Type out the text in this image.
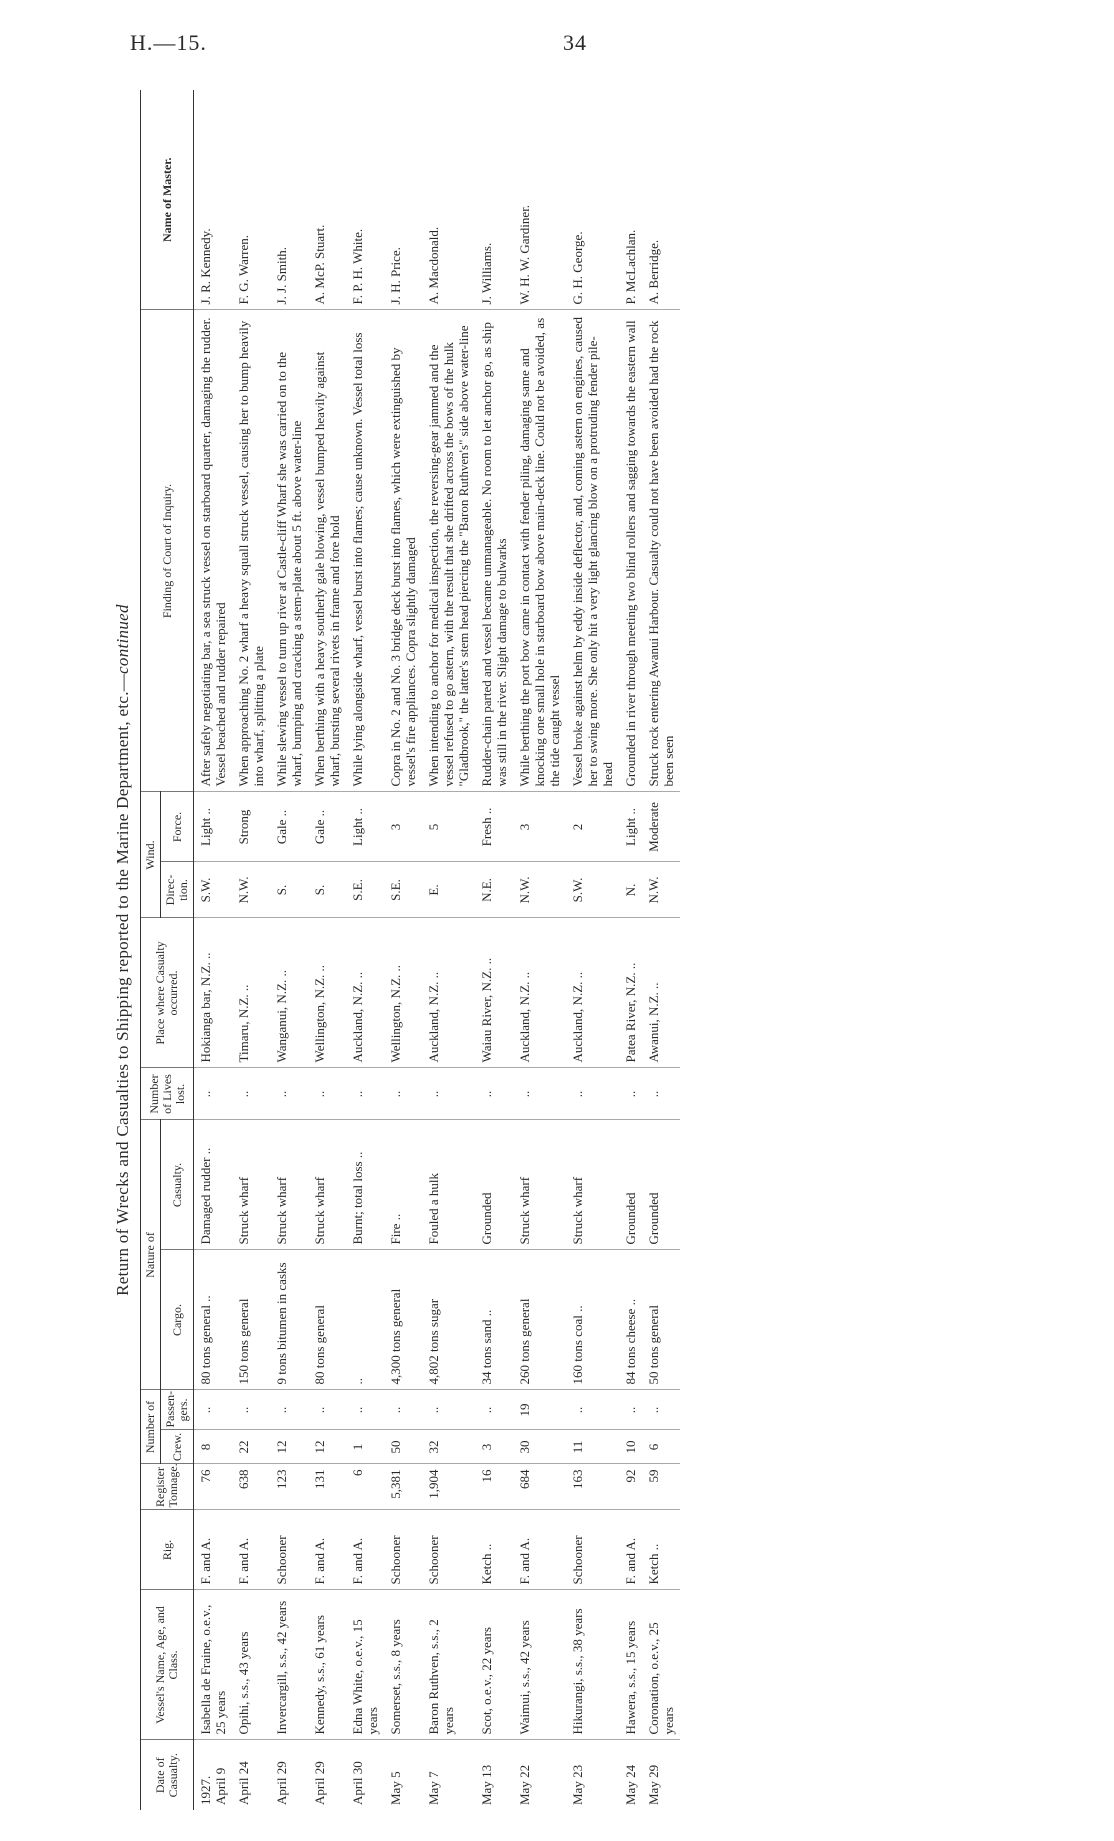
H.—15.	34
Return of Wrecks and Casualties to Shipping reported to the Marine Department, etc.—continued
Date of Casualty.	Vessel's Name, Age, and Class.	Rig.	Register Tonnage.	Number of		Nature of		Number of Lives lost.	Place where Casualty occurred.	Wind.		Finding of Court of Inquiry.	Name of Master.
				Crew.	Passen-gers.	Cargo.	Casualty.			Direc-tion.	Force.		

1927. April 9	Isabella de Fraine, o.e.v., 25 years	F. and A.	76	8	..	80 tons general ..	Damaged rudder ..	..	Hokianga bar, N.Z. ..	S.W.	Light ..	After safely negotiating bar, a sea struck vessel on starboard quarter, damaging the rudder. Vessel beached and rudder repaired	J. R. Kennedy.
April 24	Opihi, s.s., 43 years	F. and A.	638	22	..	150 tons general	Struck wharf	..	Timaru, N.Z. ..	N.W.	Strong	When approaching No. 2 wharf a heavy squall struck vessel, causing her to bump heavily into wharf, splitting a plate	F. G. Warren.
April 29	Invercargill, s.s., 42 years	Schooner	123	12	..	9 tons bitumen in casks	Struck wharf	..	Wanganui, N.Z. ..	S.	Gale ..	While slewing vessel to turn up river at Castle-cliff Wharf she was carried on to the wharf, bumping and cracking a stem-plate about 5 ft. above water-line	J. J. Smith.
April 29	Kennedy, s.s., 61 years	F. and A.	131	12	..	80 tons general	Struck wharf	..	Wellington, N.Z. ..	S.	Gale ..	When berthing with a heavy southerly gale blowing, vessel bumped heavily against wharf, bursting several rivets in frame and fore hold	A. McP. Stuart.
April 30	Edna White, o.e.v., 15 years	F. and A.	6	1	..	..	Burnt; total loss ..	..	Auckland, N.Z. ..	S.E.	Light ..	While lying alongside wharf, vessel burst into flames; cause unknown. Vessel total loss	F. P. H. White.
May 5	Somerset, s.s., 8 years	Schooner	5,381	50	..	4,300 tons general	Fire ..	..	Wellington, N.Z. ..	S.E.	3	Copra in No. 2 and No. 3 bridge deck burst into flames, which were extinguished by vessel's fire appliances. Copra slightly damaged	J. H. Price.
May 7	Baron Ruthven, s.s., 2 years	Schooner	1,904	32	..	4,802 tons sugar	Fouled a hulk	..	Auckland, N.Z. ..	E.	5	When intending to anchor for medical inspection, the reversing-gear jammed and the vessel refused to go astern, with the result that she drifted across the bows of the hulk "Gladbrook," the latter's stem head piercing the "Baron Ruthven's" side above water-line	A. Macdonald.
May 13	Scot, o.e.v., 22 years	Ketch ..	16	3	..	34 tons sand ..	Grounded	..	Waiau River, N.Z. ..	N.E.	Fresh ..	Rudder-chain parted and vessel became unmanageable. No room to let anchor go, as ship was still in the river. Slight damage to bulwarks	J. Williams.
May 22	Waimui, s.s., 42 years	F. and A.	684	30	19	260 tons general	Struck wharf	..	Auckland, N.Z. ..	N.W.	3	While berthing the port bow came in contact with fender piling, damaging same and knocking one small hole in starboard bow above main-deck line. Could not be avoided, as the tide caught vessel	W. H. W. Gardiner.
May 23	Hikurangi, s.s., 38 years	Schooner	163	11	..	160 tons coal ..	Struck wharf	..	Auckland, N.Z. ..	S.W.	2	Vessel broke against helm by eddy inside deflector, and, coming astern on engines, caused her to swing more. She only hit a very light glancing blow on a protruding fender pile-head	G. H. George.
May 24	Hawera, s.s., 15 years	F. and A.	92	10	..	84 tons cheese ..	Grounded	..	Patea River, N.Z. ..	N.	Light ..	Grounded in river through meeting two blind rollers and sagging towards the eastern wall	P. McLachlan.
May 29	Coronation, o.e.v., 25 years	Ketch ..	59	6	..	50 tons general	Grounded	..	Awanui, N.Z. ..	N.W.	Moderate	Struck rock entering Awanui Harbour. Casualty could not have been avoided had the rock been seen	A. Berridge.
